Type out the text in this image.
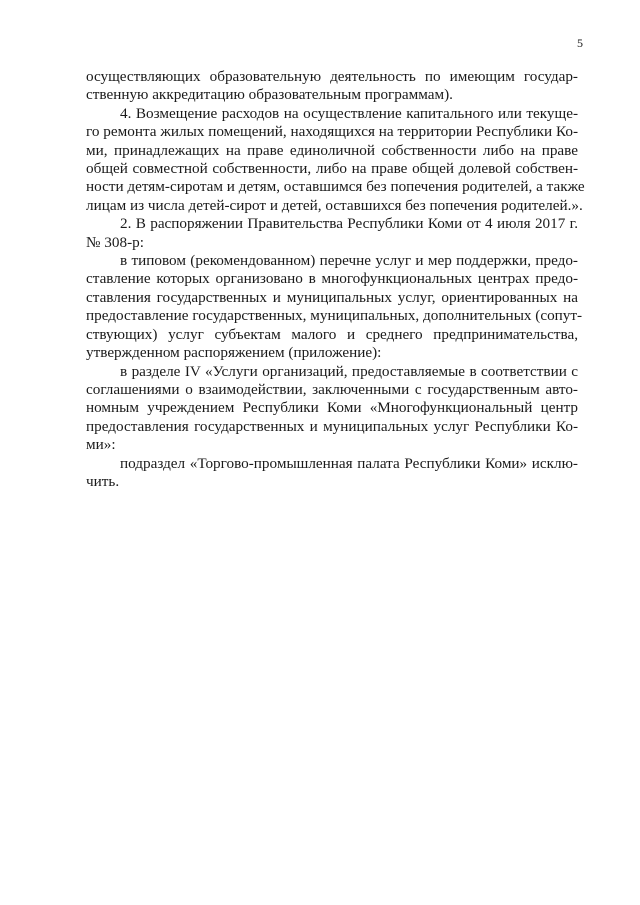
5
осуществляющих образовательную деятельность по имеющим государ-
ственную аккредитацию образовательным программам).
4. Возмещение расходов на осуществление капитального или текуще-
го ремонта жилых помещений, находящихся на территории Республики Ко-
ми, принадлежащих на праве единоличной собственности либо на праве
общей совместной собственности, либо на праве общей долевой собствен-
ности детям-сиротам и детям, оставшимся без попечения родителей, а также
лицам из числа детей-сирот и детей, оставшихся без попечения родителей.».
2. В распоряжении Правительства Республики Коми от 4 июля 2017 г.
№ 308-р:
в типовом (рекомендованном) перечне услуг и мер поддержки, предо-
ставление которых организовано в многофункциональных центрах предо-
ставления государственных и муниципальных услуг, ориентированных на
предоставление государственных, муниципальных, дополнительных (сопут-
ствующих) услуг субъектам малого и среднего предпринимательства,
утвержденном распоряжением (приложение):
в разделе IV «Услуги организаций, предоставляемые в соответствии с
соглашениями о взаимодействии, заключенными с государственным авто-
номным учреждением Республики Коми «Многофункциональный центр
предоставления государственных и муниципальных услуг Республики Ко-
ми»:
подраздел «Торгово-промышленная палата Республики Коми» исклю-
чить.
